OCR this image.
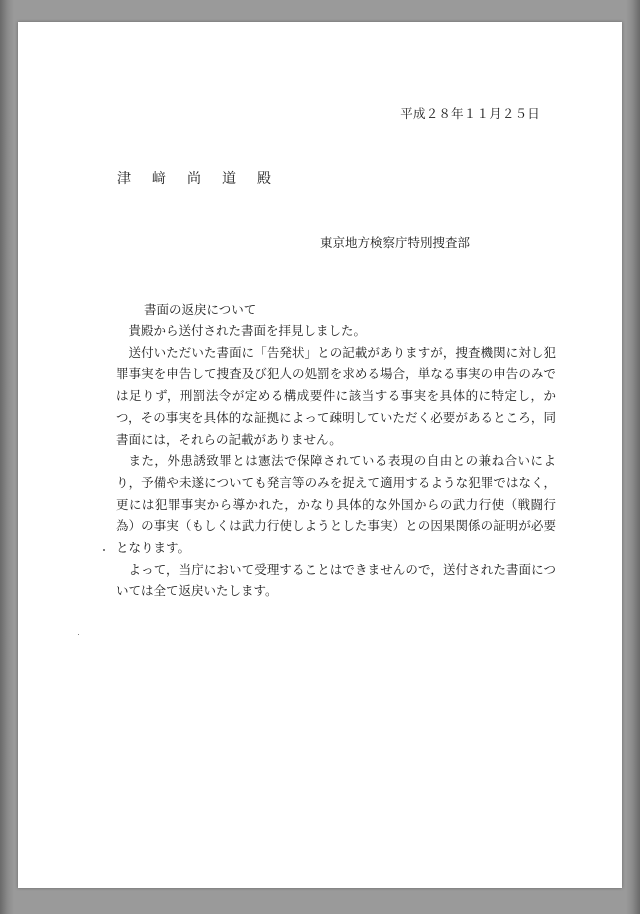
平成２８年１１月２５日
津 﨑 尚 道 殿
東京地方検察庁特別捜査部
書面の返戻について

貴殿から送付された書面を拝見しました。

送付いただいた書面に「告発状」との記載がありますが，捜査機関に対し犯罪事実を申告して捜査及び犯人の処罰を求める場合，単なる事実の申告のみでは足りず，刑罰法令が定める構成要件に該当する事実を具体的に特定し，かつ，その事実を具体的な証拠によって疎明していただく必要があるところ，同書面には，それらの記載がありません。

また，外患誘致罪とは憲法で保障されている表現の自由との兼ね合いにより，予備や未遂についても発言等のみを捉えて適用するような犯罪ではなく，更には犯罪事実から導かれた，かなり具体的な外国からの武力行使（戦闘行為）の事実（もしくは武力行使しようとした事実）との因果関係の証明が必要となります。

よって，当庁において受理することはできませんので，送付された書面については全て返戻いたします。
